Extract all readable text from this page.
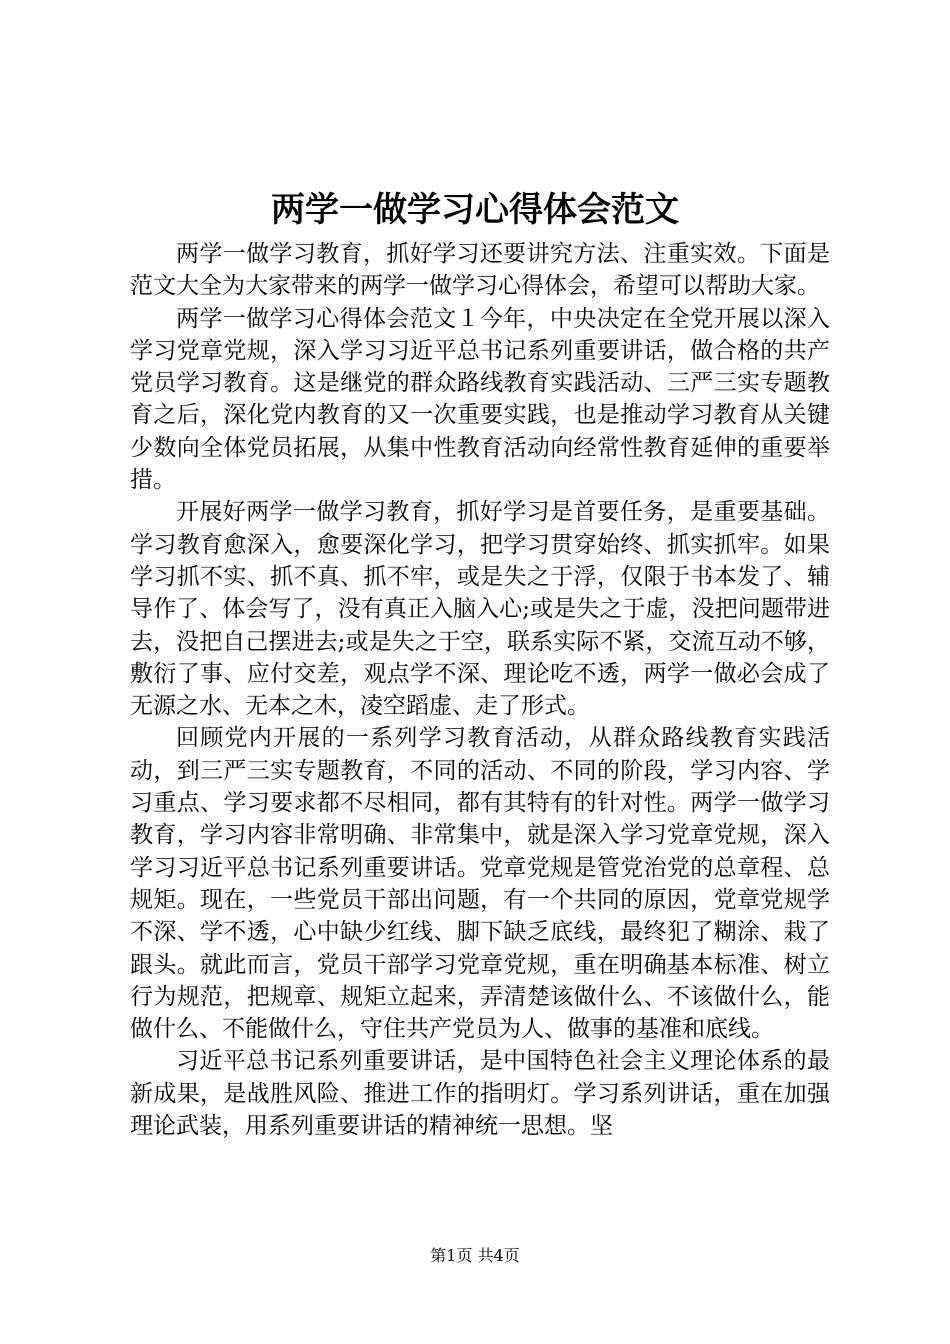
两学一做学习心得体会范文

两学一做学习教育，抓好学习还要讲究方法、注重实效。下面是范文大全为大家带来的两学一做学习心得体会，希望可以帮助大家。

两学一做学习心得体会范文１今年，中央决定在全党开展以深入学习党章党规，深入学习习近平总书记系列重要讲话，做合格的共产党员学习教育。这是继党的群众路线教育实践活动、三严三实专题教育之后，深化党内教育的又一次重要实践，也是推动学习教育从关键少数向全体党员拓展，从集中性教育活动向经常性教育延伸的重要举措。

开展好两学一做学习教育，抓好学习是首要任务，是重要基础。学习教育愈深入，愈要深化学习，把学习贯穿始终、抓实抓牢。如果学习抓不实、抓不真、抓不牢，或是失之于浮，仅限于书本发了、辅导作了、体会写了，没有真正入脑入心;或是失之于虚，没把问题带进去，没把自己摆进去;或是失之于空，联系实际不紧，交流互动不够，敷衍了事、应付交差，观点学不深、理论吃不透，两学一做必会成了无源之水、无本之木，凌空蹈虚、走了形式。

回顾党内开展的一系列学习教育活动，从群众路线教育实践活动，到三严三实专题教育，不同的活动、不同的阶段，学习内容、学习重点、学习要求都不尽相同，都有其特有的针对性。两学一做学习教育，学习内容非常明确、非常集中，就是深入学习党章党规，深入学习习近平总书记系列重要讲话。党章党规是管党治党的总章程、总规矩。现在，一些党员干部出问题，有一个共同的原因，党章党规学不深、学不透，心中缺少红线、脚下缺乏底线，最终犯了糊涂、栽了跟头。就此而言，党员干部学习党章党规，重在明确基本标准、树立行为规范，把规章、规矩立起来，弄清楚该做什么、不该做什么，能做什么、不能做什么，守住共产党员为人、做事的基准和底线。

习近平总书记系列重要讲话，是中国特色社会主义理论体系的最新成果，是战胜风险、推进工作的指明灯。学习系列讲话，重在加强理论武装，用系列重要讲话的精神统一思想。坚

第1页 共4页
